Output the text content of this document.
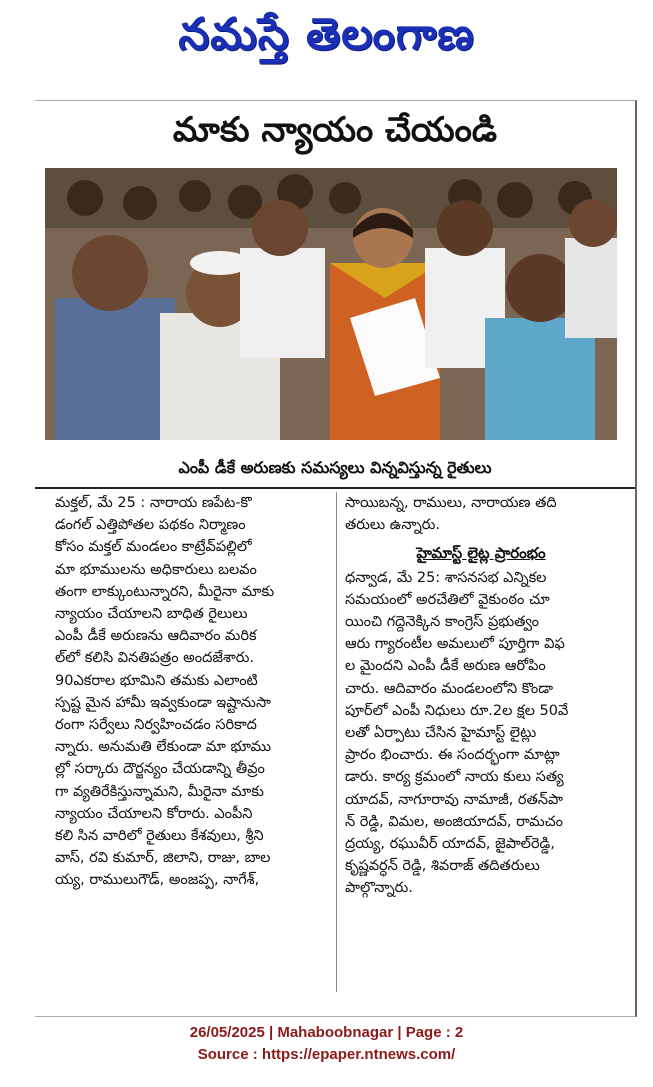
నమస్తే తెలంగాణ
మాకు న్యాయం చేయండి
ఎంపీ డీకే అరుణకు సమస్యలు విన్నవిస్తున్న రైతులు

మక్తల్, మే 25 : నారాయ ణపేట-కొ
డంగల్ ఎత్తిపోతల పథకం నిర్మాణం
కోసం మక్తల్ మండలం కాట్రేవ్‌పల్లిలో
మా భూములను అధికారులు బలవం
తంగా లాక్కుంటున్నారని, మీరైనా మాకు
న్యాయం చేయాలని బాధిత రైలులు
ఎంపీ డీకే అరుణను ఆదివారం మరిక
ల్‌లో కలిసి వినతిపత్రం అందజేశారు.
90ఎకరాల భూమిని తమకు ఎలాంటి
స్పష్ట మైన హామీ ఇవ్వకుండా ఇష్టానుసా
రంగా సర్వేలు నిర్వహించడం సరికాద
న్నారు. అనుమతి లేకుండా మా భూము
ల్లో సర్కారు దౌర్జన్యం చేయడాన్ని తీవ్రం
గా వ్యతిరేకిస్తున్నామని, మీరైనా మాకు
న్యాయం చేయాలని కోరారు. ఎంపీని
కలి సిన వారిలో రైతులు కేశవులు, శ్రీని
వాస్, రవి కుమార్, జిలాని, రాజు, బాల
య్య, రాములుగౌడ్, అంజప్ప, నాగేశ్,

సాయిబన్న, రాములు, నారాయణ తది
తరులు ఉన్నారు.

హైమాస్ట్ లైట్ల ప్రారంభం

ధన్వాడ, మే 25: శాసనసభ ఎన్నికల
సమయంలో అరచేతిలో వైకుంఠం చూ
యించి గద్దెనెక్కిన కాంగ్రెస్ ప్రభుత్వం
ఆరు గ్యారంటీల అమలులో పూర్తిగా విఫ
ల మైందని ఎంపీ డీకే అరుణ ఆరోపిం
చారు. ఆదివారం మండలంలోని కొండా
పూర్‌లో ఎంపీ నిధులు రూ.2ల క్షల 50వే
లతో ఏర్పాటు చేసిన హైమాస్ట్ లైట్లు
ప్రారం భించారు. ఈ సందర్భంగా మాట్లా
డారు. కార్య క్రమంలో నాయ కులు సత్య
యాదవ్, నాగూరావు నామాజీ, రతన్‌పా
న్ రెడ్డి, విమల, అంజియాదవ్, రామచం
ద్రయ్య, రఘువీర్ యాదవ్, జైపాల్‌రెడ్డి,
కృష్ణవర్ధన్ రెడ్డి, శివరాజ్ తదితరులు
పాల్గొన్నారు.

26/05/2025 | Mahaboobnagar | Page : 2
Source : https://epaper.ntnews.com/
